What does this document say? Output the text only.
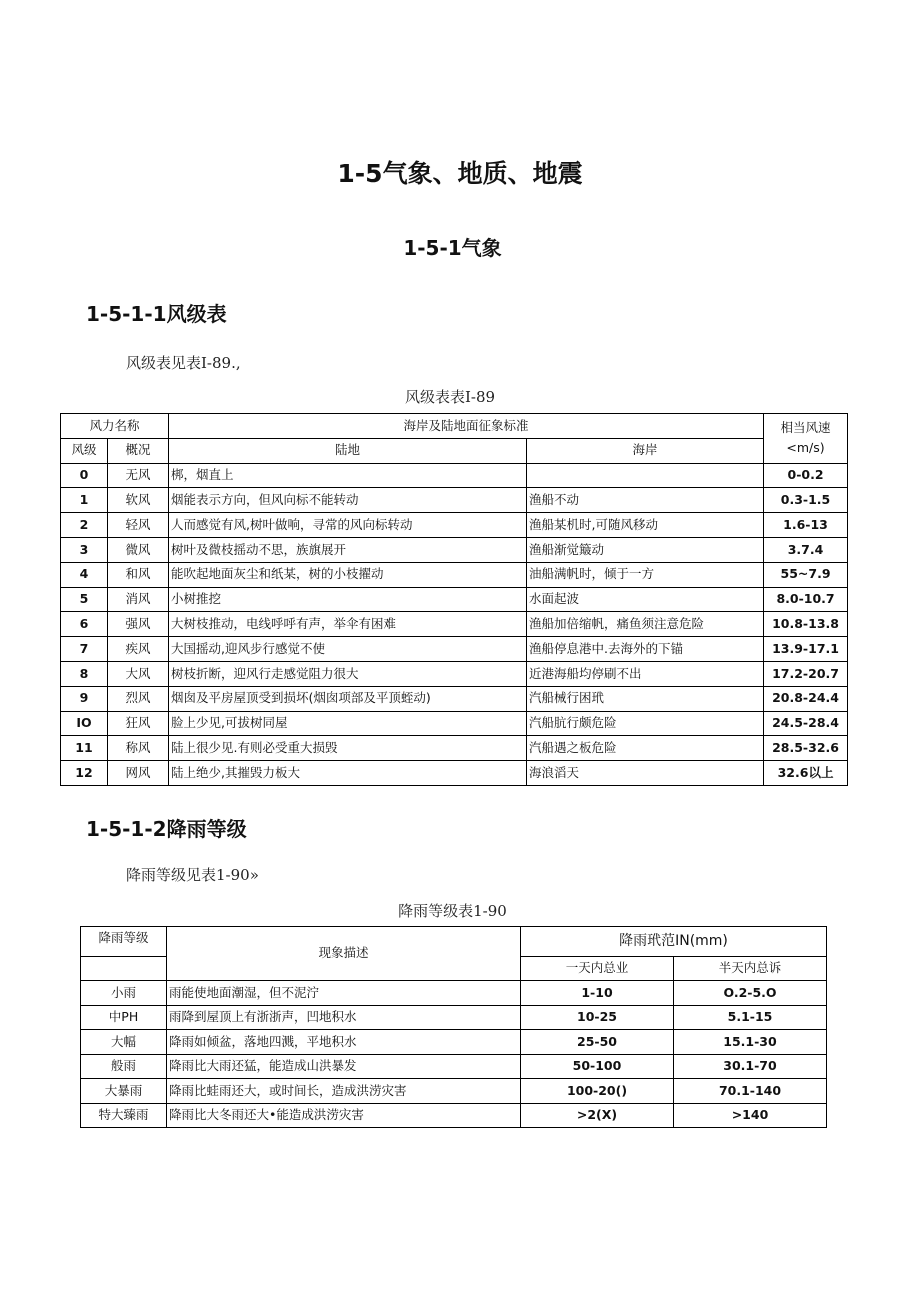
1-5气象、地质、地震
1-5-1气象
1-5-1-1风级表
风级表见表I-89.,
风级表表I-89
风力名称		海岸及陆地面征象标准		相当风速
<m∕s)

风级	概况	陆地	海岸	
0	无风	梆，烟直上		0-0.2
1	软风	烟能表示方向，但风向标不能转动	渔船不动	0.3-1.5
2	轻风	人而感觉有风,树叶做响，寻常的风向标转动	渔船某机时,可随风移动	1.6-13
3	微风	树叶及微枝摇动不思，族旗展开	渔船渐觉簸动	3.7.4
4	和风	能吹起地面灰尘和纸某，树的小枝擢动	油船满帆时，倾于一方	55~7.9
5	消风	小树推挖	水面起波	8.0-10.7
6	强风	大树枝推动，电线呼呼有声，举伞有困难	渔船加倍缩帆，痛鱼须注意危险	10.8-13.8
7	疾风	大国摇动,迎风步行感觉不使	渔船停息港中.去海外的下锚	13.9-17.1
8	大风	树枝折断，迎风行走感觉阻力很大	近港海船均停刷不出	17.2-20.7
9	烈风	烟囱及平房屋顶受到损坏(烟囱项部及平顶蛭动)	汽船械行困玳	20.8-24.4
IO	狂风	脸上少见,可拔树同屋	汽船肮行颇危险	24.5-28.4
11	称风	陆上很少见.有则必受重大损毁	汽船遇之板危险	28.5-32.6
12	网风	陆上绝少,其摧毁力板大	海浪滔天	32.6以上
1-5-1-2降雨等级
降雨等级见表1-90»
降雨等级表1-90
降雨等级	现象描述	降雨玳范IN(mm)	
		一天内总业	半天内总诉
小雨	雨能使地面潮湿，但不泥泞	1-10	O.2-5.O
中PH	雨降到屋顶上有浙浙声，凹地积水	10-25	5.1-15
大幅	降雨如倾盆，落地四溅，平地积水	25-50	15.1-30
般雨	降雨比大雨还猛，能造成山洪暴发	50-100	30.1-70
大暴雨	降雨比蛙雨还大，或时间长，造成洪涝灾害	100-20()	70.1-140
特大臻雨	降雨比大冬雨还大•能造成洪涝灾害	>2(X)	>140
